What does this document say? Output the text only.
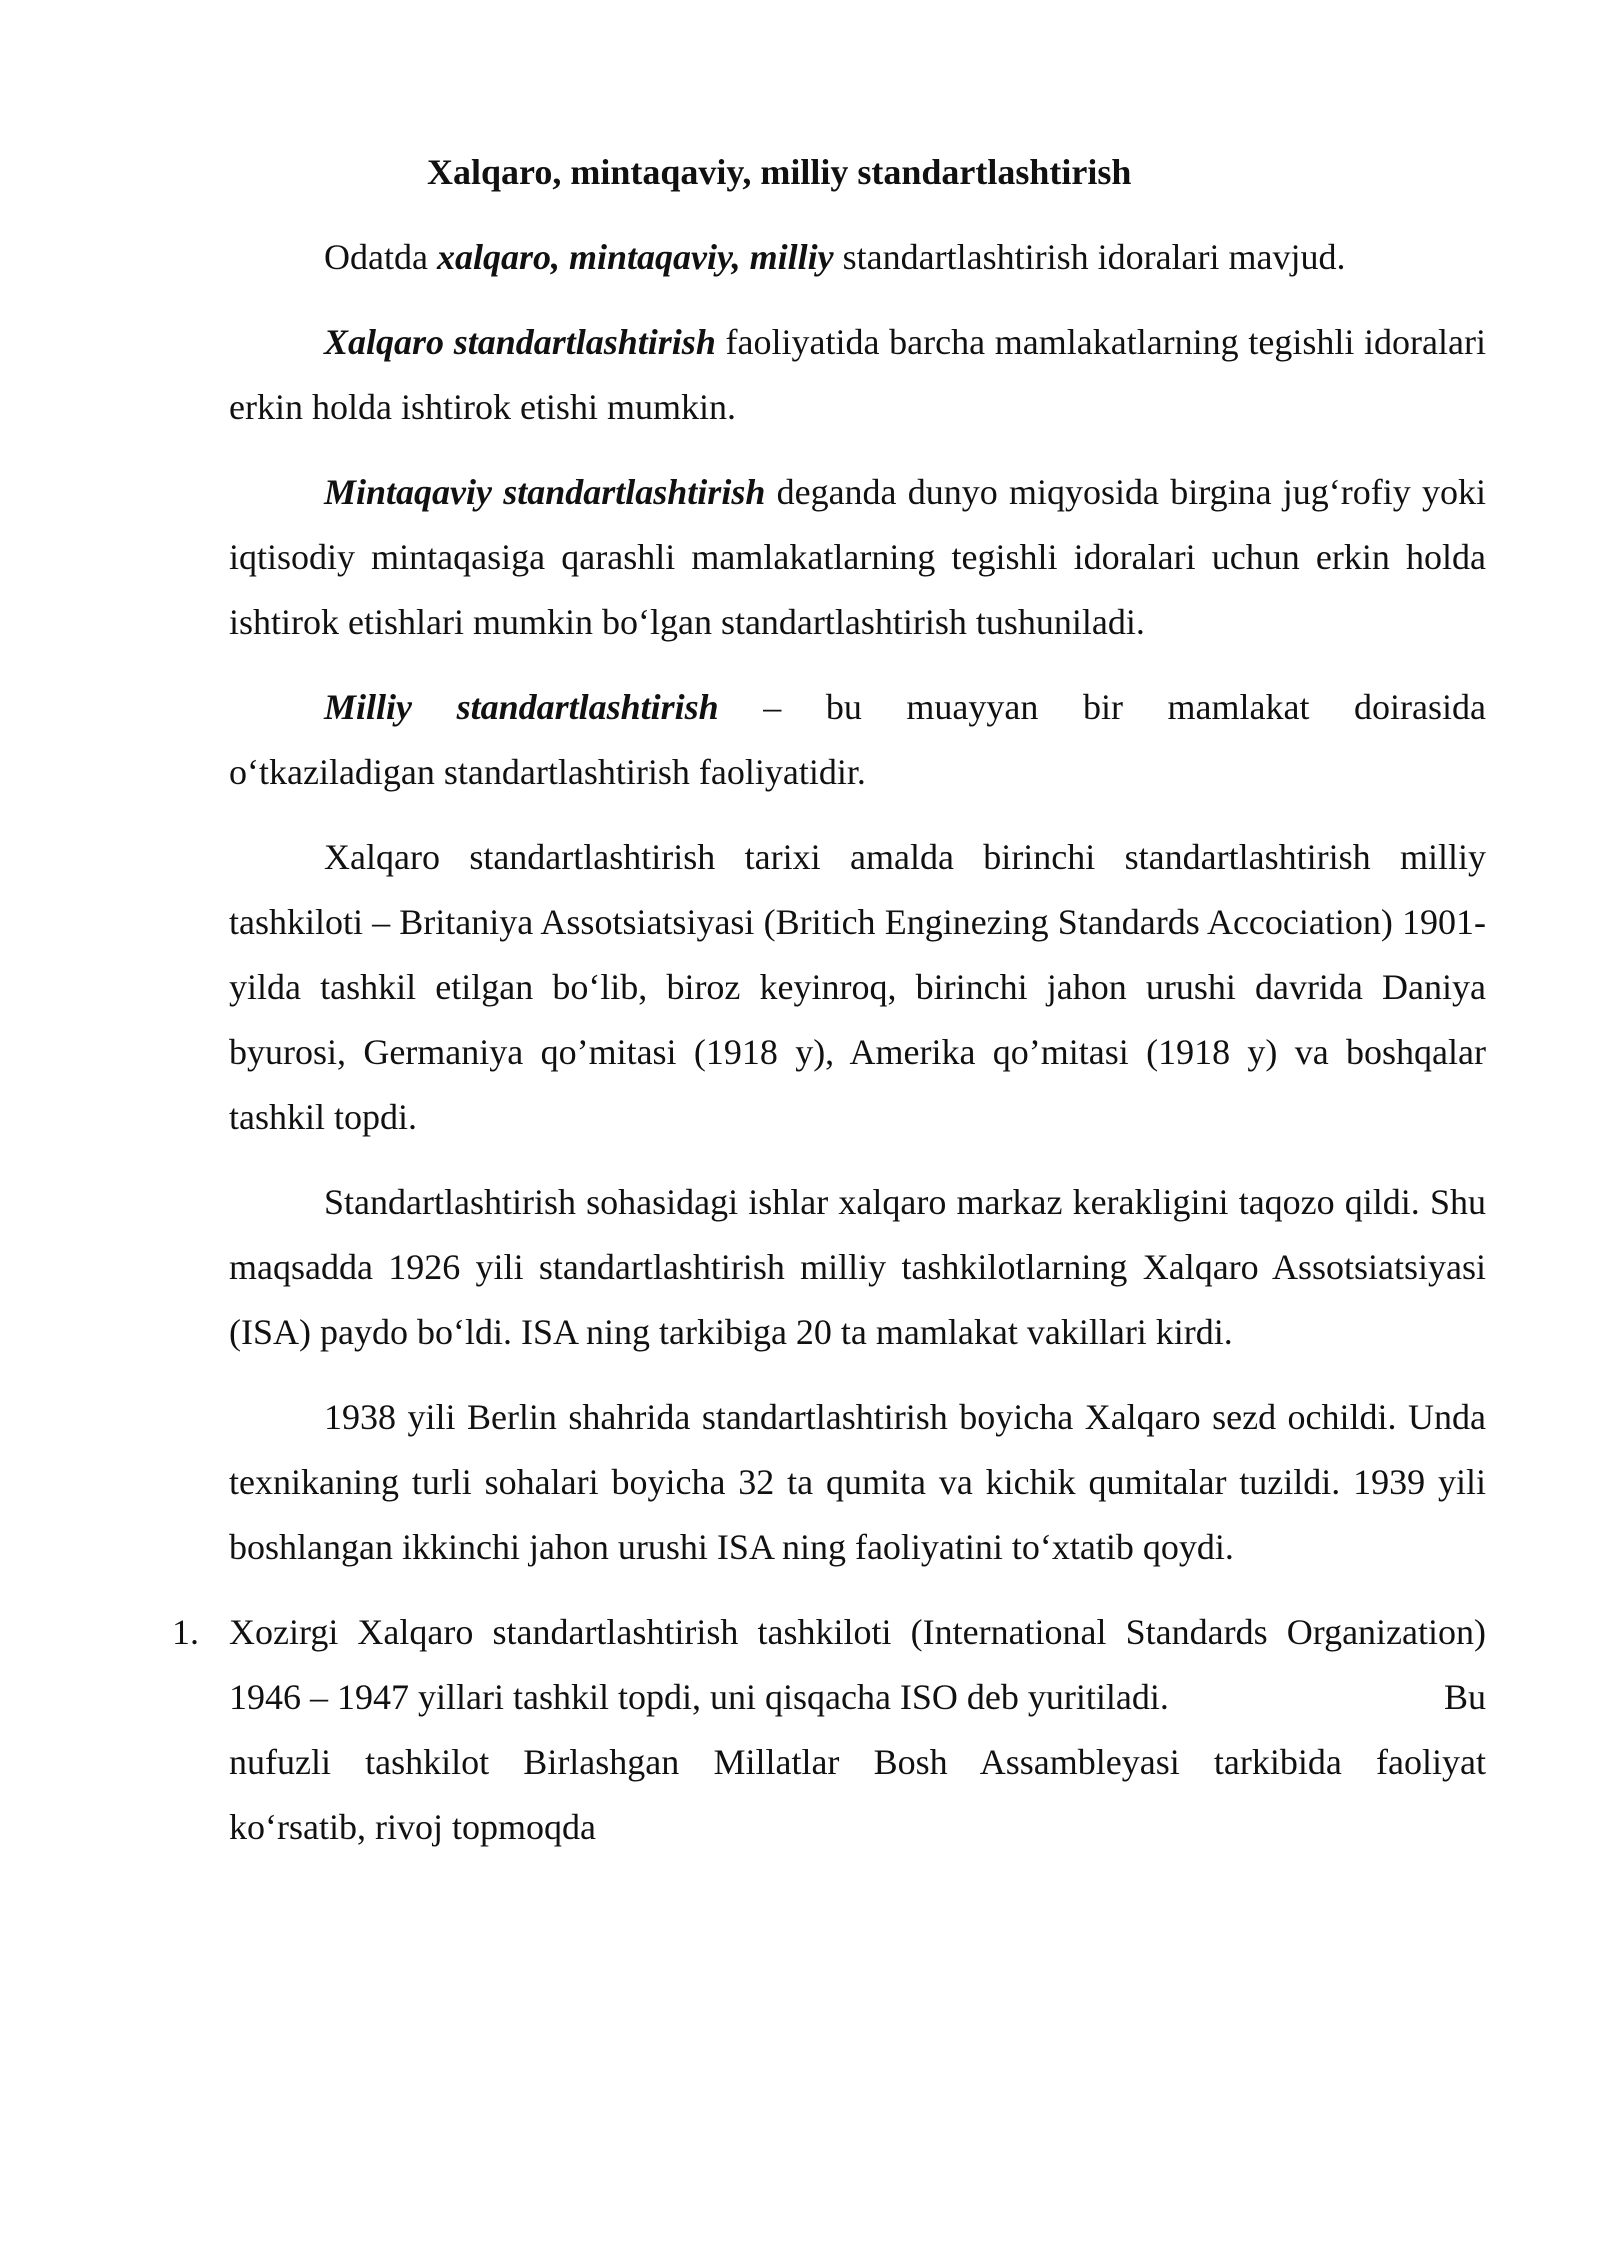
Xalqaro, mintaqaviy, milliy standartlashtirish

Odatda xalqaro, mintaqaviy, milliy standartlashtirish idoralari mavjud.

Xalqaro standartlashtirish faoliyatida barcha mamlakatlarning tegishli idoralari erkin holda ishtirok etishi mumkin.

Mintaqaviy standartlashtirish deganda dunyo miqyosida birgina jug‘rofiy yoki iqtisodiy mintaqasiga qarashli mamlakatlarning tegishli idoralari uchun erkin holda ishtirok etishlari mumkin bo‘lgan standartlashtirish tushuniladi.

Milliy standartlashtirish – bu muayyan bir mamlakat doirasida
o‘tkaziladigan standartlashtirish faoliyatidir.

Xalqaro standartlashtirish tarixi amalda birinchi standartlashtirish milliy tashkiloti – Britaniya Assotsiatsiyasi (Britich Enginezing Standards Accociation) 1901-yilda tashkil etilgan bo‘lib, biroz keyinroq, birinchi jahon urushi davrida Daniya byurosi, Germaniya qo’mitasi (1918 y), Amerika qo’mitasi (1918 y) va boshqalar tashkil topdi.

Standartlashtirish sohasidagi ishlar xalqaro markaz kerakligini taqozo qildi. Shu maqsadda 1926 yili standartlashtirish milliy tashkilotlarning Xalqaro Assotsiatsiyasi (ISA) paydo bo‘ldi. ISA ning tarkibiga 20 ta mamlakat vakillari kirdi.

1938 yili Berlin shahrida standartlashtirish boyicha Xalqaro sezd ochildi. Unda texnikaning turli sohalari boyicha 32 ta qumita va kichik qumitalar tuzildi. 1939 yili boshlangan ikkinchi jahon urushi ISA ning faoliyatini to‘xtatib qoydi.

1. Xozirgi Xalqaro standartlashtirish tashkiloti (International Standards Organization)
1946 – 1947 yillari tashkil topdi, uni qisqacha ISO deb yuritiladi.	Bu
nufuzli tashkilot Birlashgan Millatlar Bosh Assambleyasi tarkibida faoliyat
ko‘rsatib, rivoj topmoqda
